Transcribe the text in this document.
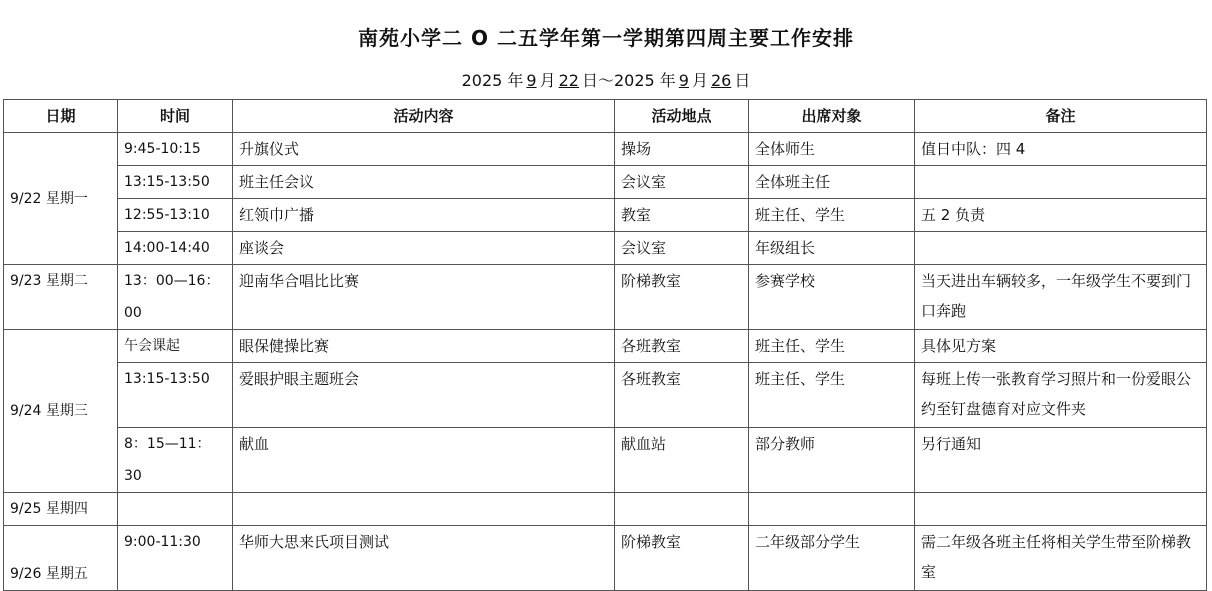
南苑小学二 O 二五学年第一学期第四周主要工作安排
2025 年 9 月 22 日～2025 年 9 月 26 日
日期	时间	活动内容	活动地点	出席对象	备注
9/22 星期一	9:45-10:15	升旗仪式	操场	全体师生	值日中队：四 4
	13:15-13:50	班主任会议	会议室	全体班主任	
	12:55-13:10	红领巾广播	教室	班主任、学生	五 2 负责
	14:00-14:40	座谈会	会议室	年级组长	
9/23 星期二	13：00—16：00	迎南华合唱比比赛	阶梯教室	参赛学校	当天进出车辆较多，一年级学生不要到门口奔跑
9/24 星期三	午会课起	眼保健操比赛	各班教室	班主任、学生	具体见方案
	13:15-13:50	爱眼护眼主题班会	各班教室	班主任、学生	每班上传一张教育学习照片和一份爱眼公约至钉盘德育对应文件夹
	8：15—11：30	献血	献血站	部分教师	另行通知
9/25 星期四					
9/26 星期五	9:00-11:30	华师大思来氏项目测试	阶梯教室	二年级部分学生	需二年级各班主任将相关学生带至阶梯教室
